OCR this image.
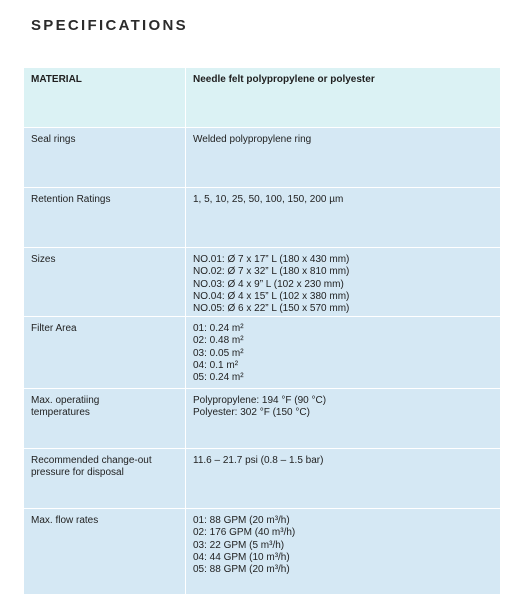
SPECIFICATIONS
MATERIAL	Needle felt polypropylene or polyester

Seal rings	Welded polypropylene ring

Retention Ratings	1, 5, 10, 25, 50, 100, 150, 200 µm

Sizes	NO.01: Ø 7 x 17” L (180 x 430 mm)
NO.02: Ø 7 x 32” L (180 x 810 mm)
NO.03: Ø 4 x 9” L (102 x 230 mm)
NO.04: Ø 4 x 15” L (102 x 380 mm)
NO.05: Ø 6 x 22” L (150 x 570 mm)

Filter Area	01: 0.24 m²
02: 0.48 m²
03: 0.05 m²
04: 0.1 m²
05: 0.24 m²

Max. operatiing
temperatures	Polypropylene: 194 °F (90 °C)
Polyester: 302 °F (150 °C)

Recommended change-out
pressure for disposal	11.6 – 21.7 psi (0.8 – 1.5 bar)

Max. flow rates	01: 88 GPM (20 m³/h)
02: 176 GPM (40 m³/h)
03: 22 GPM (5 m³/h)
04: 44 GPM (10 m³/h)
05: 88 GPM (20 m³/h)
